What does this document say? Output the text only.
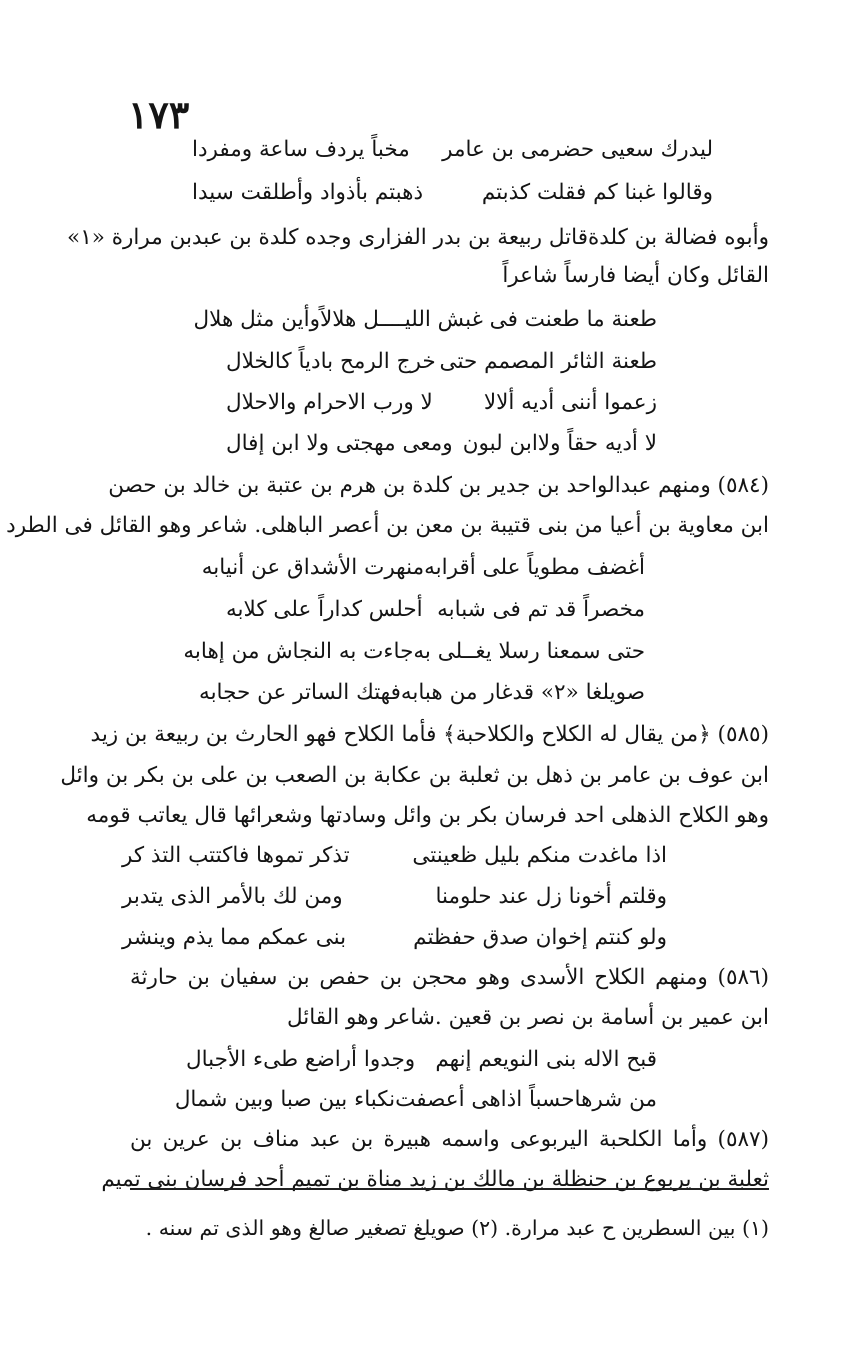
١٧٣
ليدرك سعيى حضرمى بن عامر
مخباً يردف ساعة ومفردا
وقالوا غبنا كم فقلت كذبتم
ذهبتم بأذواد وأطلقت سيدا
وأبوه فضالة بن كلدةقاتل ربيعة بن بدر الفزارى وجده كلدة بن عبدبن مرارة «١»
القائل وكان أيضا فارساً شاعراً
طعنة ما طعنت فى غبش الليــــل هلالاً
وأين مثل هلال
طعنة الثائر المصمم حتى
خرج الرمح بادياً كالخلال
زعموا أننى أديه ألالا
لا ورب الاحرام والاحلال
لا أديه حقاً ولاابن لبون
ومعى مهجتى ولا ابن إفال
(٥٨٤) ومنهم عبدالواحد بن جدير بن كلدة بن هرم بن عتبة بن خالد بن حصن
ابن معاوية بن أعيا من بنى قتيبة بن معن بن أعصر الباهلى. شاعر وهو القائل فى الطرد
أغضف مطوياً على أقرابه
منهرت الأشداق عن أنيابه
مخصراً قد تم فى شبابه
أحلس كداراً على كلابه
حتى سمعنا رسلا يغــلى به
جاءت به النجاش من إهابه
صويلغا «٢» قدغار من هبابه
فهتك الساتر عن حجابه
(٥٨٥) ﴿من يقال له الكلاح والكلاحبة﴾ فأما الكلاح فهو الحارث بن ربيعة بن زيد
ابن عوف بن عامر بن ذهل بن ثعلبة بن عكابة بن الصعب بن على بن بكر بن وائل
وهو الكلاح الذهلى احد فرسان بكر بن وائل وسادتها وشعرائها قال يعاتب قومه
اذا ماغدت منكم بليل ظعينتى
تذكر تموها فاكتتب التذ كر
وقلتم أخونا زل عند حلومنا
ومن لك بالأمر الذى يتدبر
ولو كنتم إخوان صدق حفظتم
بنى عمكم مما يذم وينشر
(٥٨٦) ومنهم الكلاح الأسدى وهو محجن بن حفص بن سفيان بن حارثة
ابن عمير بن أسامة بن نصر بن قعين .شاعر وهو القائل
قبح الاله بنى النويعم إنهم
وجدوا أراضع طىء الأجبال
من شرهاحسباً اذاهى أعصفت
نكباء بين صبا وبين شمال
(٥٨٧) وأما الكلحبة اليربوعى واسمه هبيرة بن عبد مناف بن عرين بن
ثعلبة بن يربوع بن حنظلة بن مالك بن زيد مناة بن تميم أحد فرسان بنى تميم
(١) بين السطرين ح عبد مرارة. (٢) صويلغ تصغير صالغ وهو الذى تم سنه .
